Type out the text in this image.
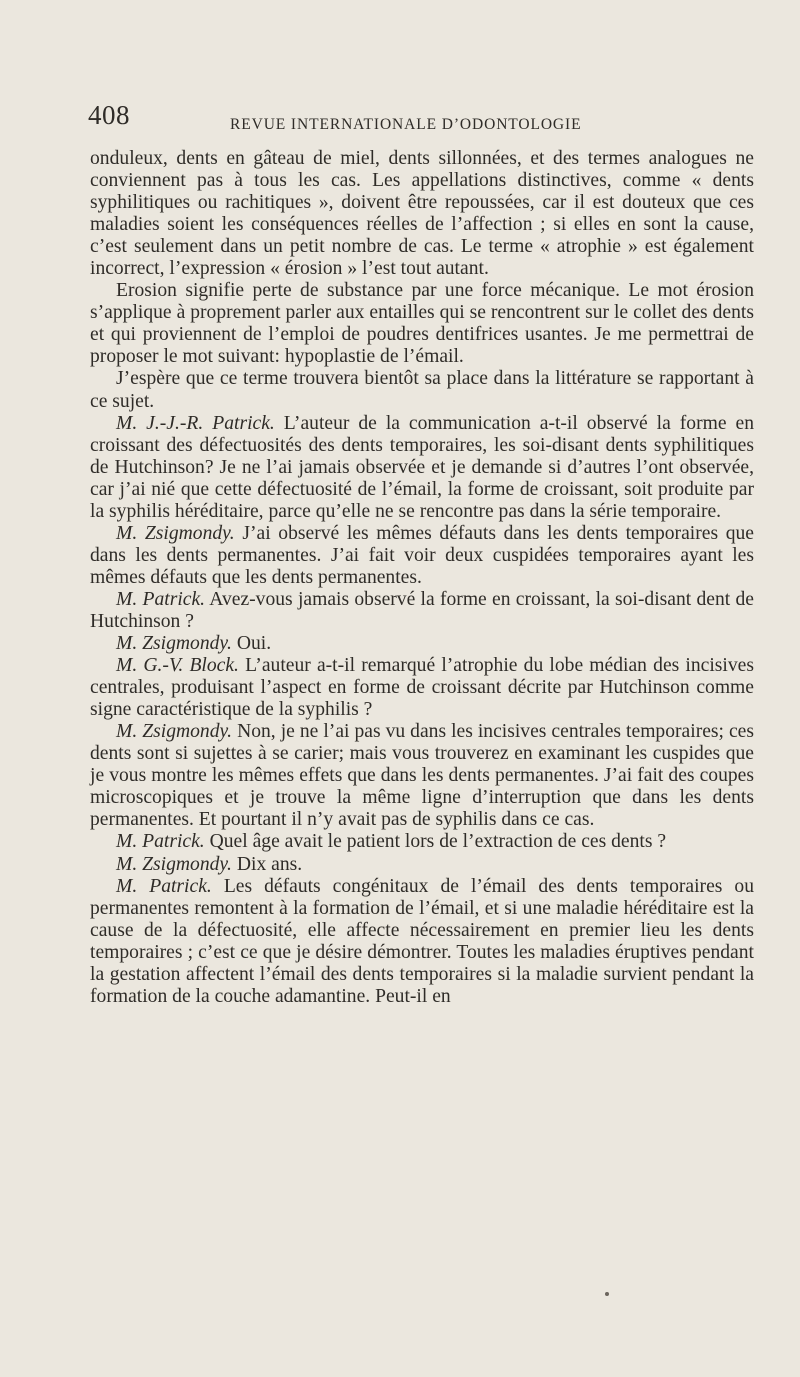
408	REVUE INTERNATIONALE D’ODONTOLOGIE

onduleux, dents en gâteau de miel, dents sillonnées, et des termes analogues ne conviennent pas à tous les cas. Les appellations distinctives, comme « dents syphilitiques ou rachitiques », doivent être repoussées, car il est douteux que ces maladies soient les conséquences réelles de l’affection ; si elles en sont la cause, c’est seulement dans un petit nombre de cas. Le terme « atrophie » est également incorrect, l’expression « érosion » l’est tout autant.

Erosion signifie perte de substance par une force mécanique. Le mot érosion s’applique à proprement parler aux entailles qui se rencontrent sur le collet des dents et qui proviennent de l’emploi de poudres dentifrices usantes. Je me permettrai de proposer le mot suivant: hypoplastie de l’émail.

J’espère que ce terme trouvera bientôt sa place dans la littérature se rapportant à ce sujet.

M. J.-J.-R. Patrick. L’auteur de la communication a-t-il observé la forme en croissant des défectuosités des dents temporaires, les soi-disant dents syphilitiques de Hutchinson? Je ne l’ai jamais observée et je demande si d’autres l’ont observée, car j’ai nié que cette défectuosité de l’émail, la forme de croissant, soit produite par la syphilis héréditaire, parce qu’elle ne se rencontre pas dans la série temporaire.

M. Zsigmondy. J’ai observé les mêmes défauts dans les dents temporaires que dans les dents permanentes. J’ai fait voir deux cuspidées temporaires ayant les mêmes défauts que les dents permanentes.

M. Patrick. Avez-vous jamais observé la forme en croissant, la soi-disant dent de Hutchinson ?

M. Zsigmondy. Oui.

M. G.-V. Block. L’auteur a-t-il remarqué l’atrophie du lobe médian des incisives centrales, produisant l’aspect en forme de croissant décrite par Hutchinson comme signe caractéristique de la syphilis ?

M. Zsigmondy. Non, je ne l’ai pas vu dans les incisives centrales temporaires; ces dents sont si sujettes à se carier; mais vous trouverez en examinant les cuspides que je vous montre les mêmes effets que dans les dents permanentes. J’ai fait des coupes microscopiques et je trouve la même ligne d’interruption que dans les dents permanentes. Et pourtant il n’y avait pas de syphilis dans ce cas.

M. Patrick. Quel âge avait le patient lors de l’extraction de ces dents ?

M. Zsigmondy. Dix ans.

M. Patrick. Les défauts congénitaux de l’émail des dents temporaires ou permanentes remontent à la formation de l’émail, et si une maladie héréditaire est la cause de la défectuosité, elle affecte nécessairement en premier lieu les dents temporaires ; c’est ce que je désire démontrer. Toutes les maladies éruptives pendant la gestation affectent l’émail des dents temporaires si la maladie survient pendant la formation de la couche adamantine. Peut-il en
